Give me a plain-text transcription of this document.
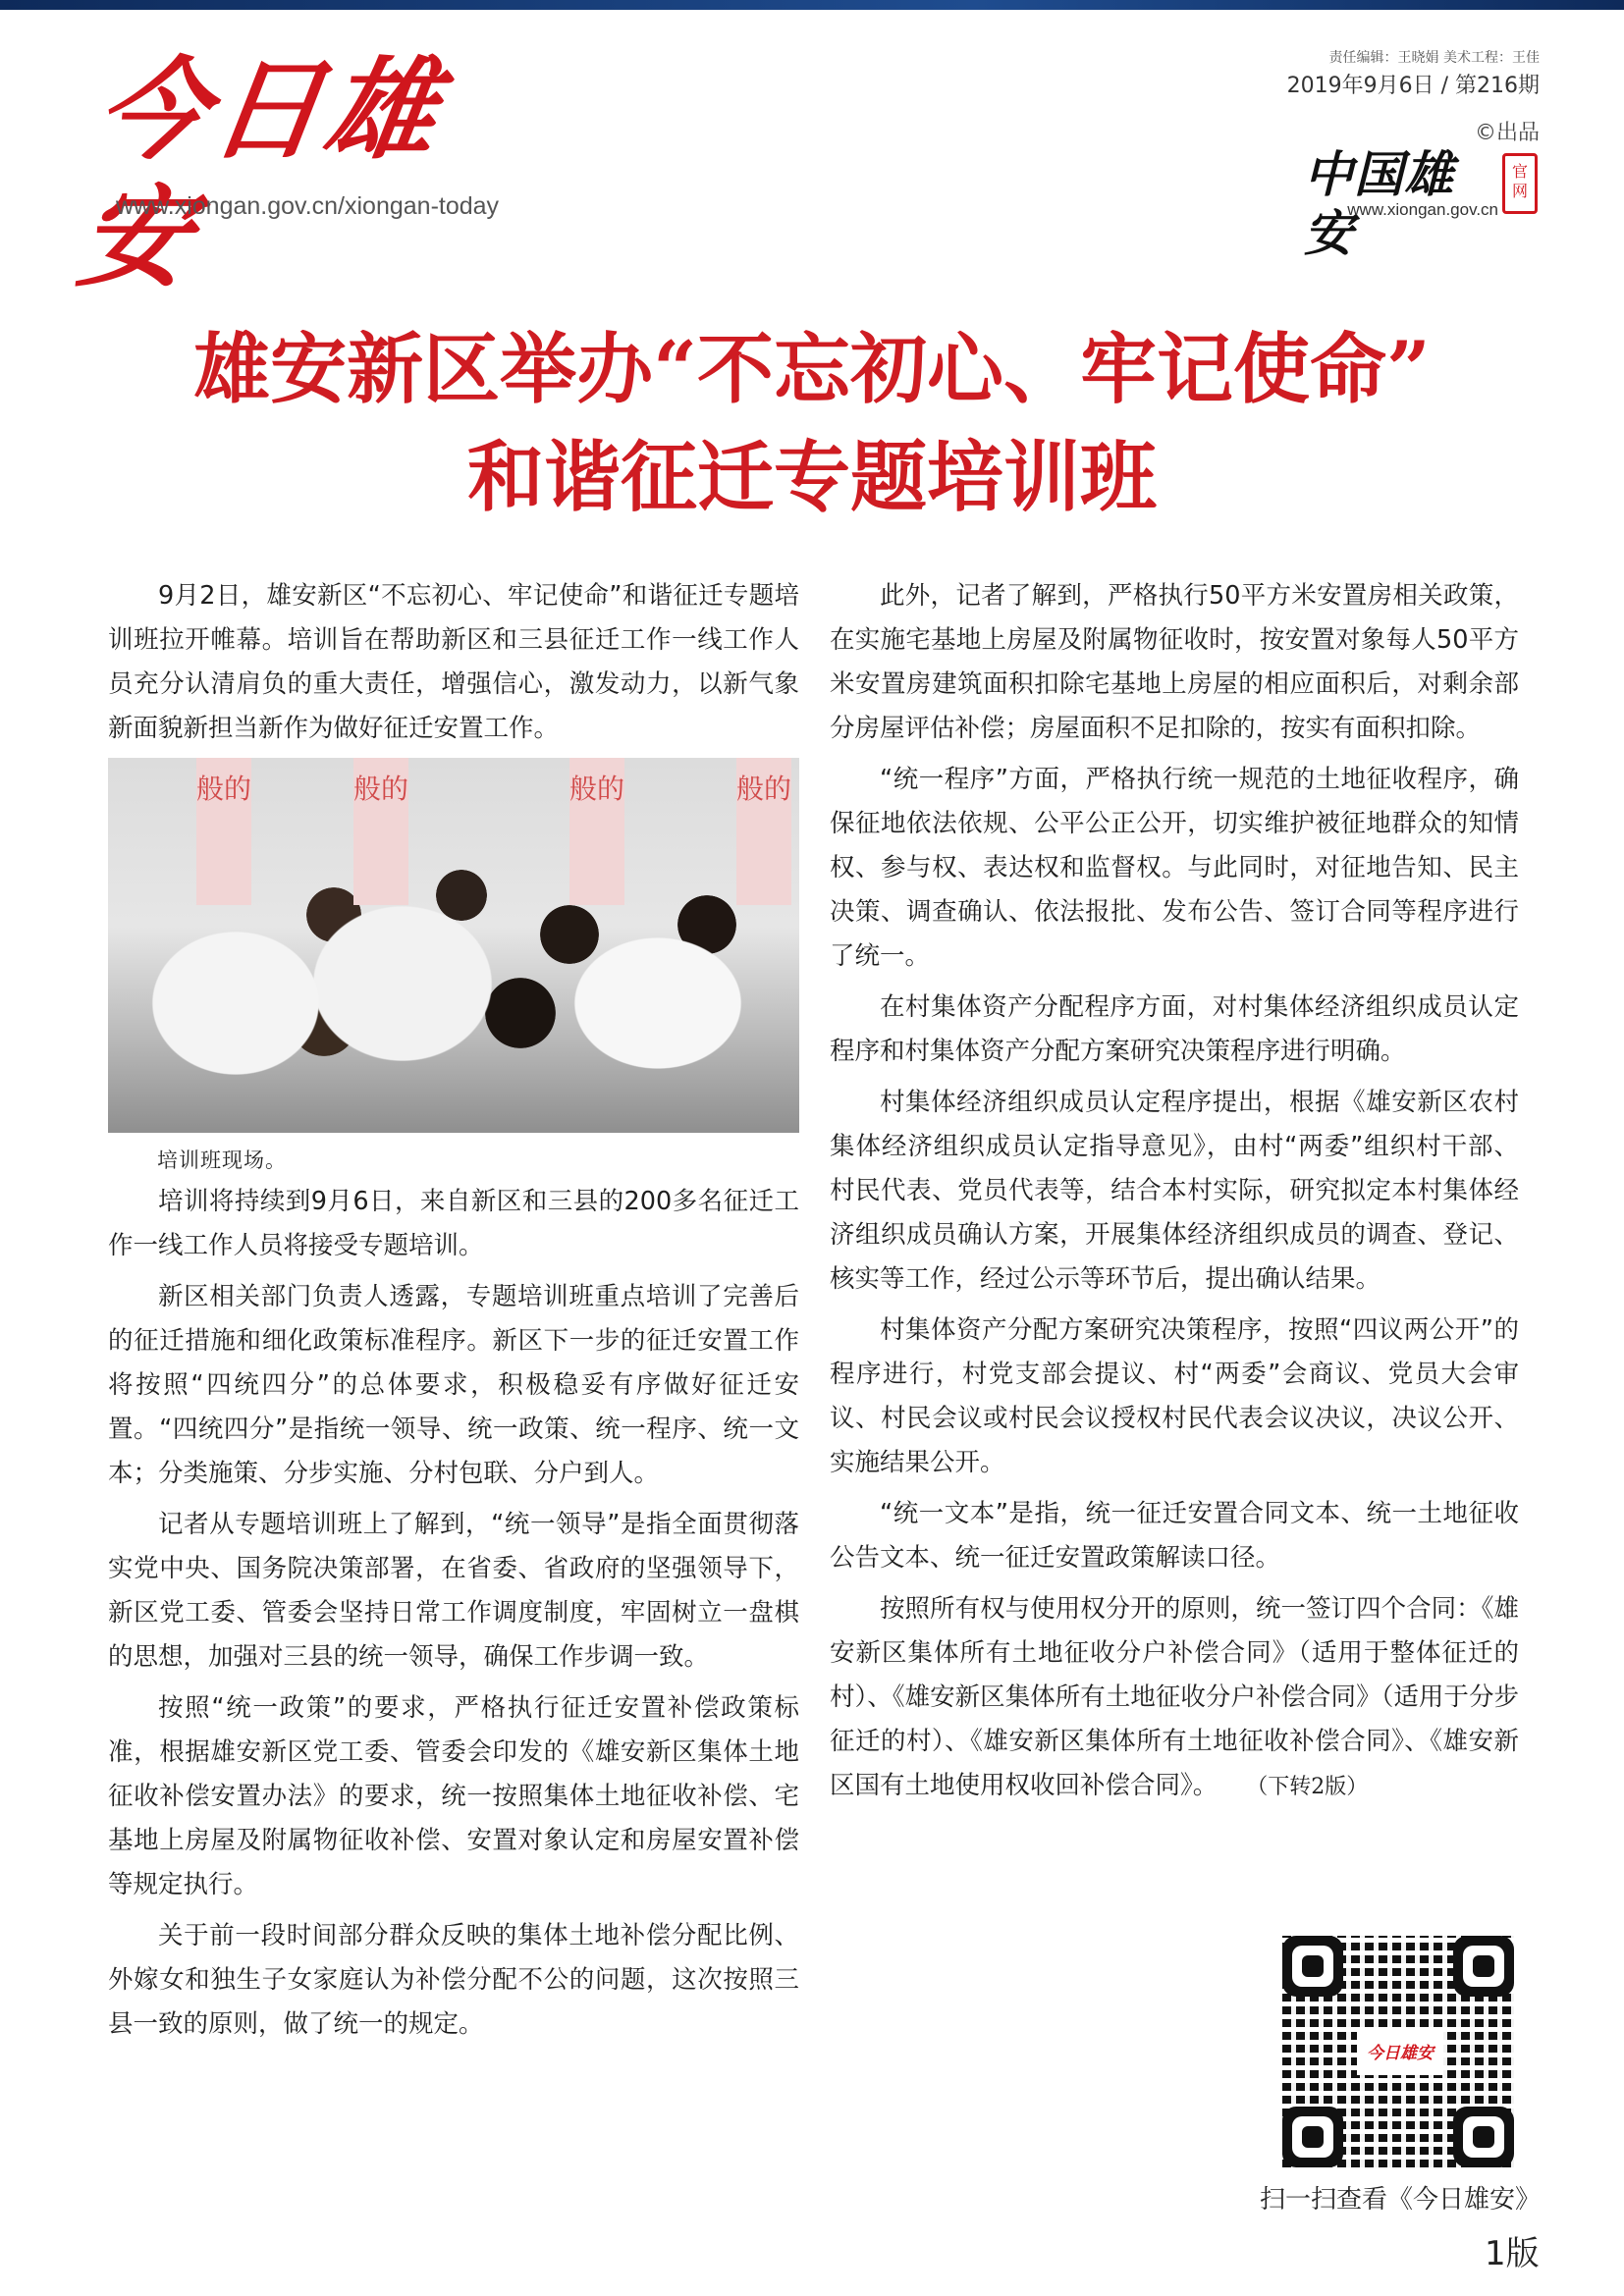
今日雄安
www.xiongan.gov.cn/xiongan-today
责任编辑：王晓娟 美术工程：王佳
2019年9月6日 / 第216期
©出品
中国雄安
官网
www.xiongan.gov.cn
雄安新区举办“不忘初心、牢记使命”
和谐征迁专题培训班

9月2日，雄安新区“不忘初心、牢记使命”和谐征迁专题培训班拉开帷幕。培训旨在帮助新区和三县征迁工作一线工作人员充分认清肩负的重大责任，增强信心，激发动力，以新气象新面貌新担当新作为做好征迁安置工作。

般的	般的	般的	般的
培训班现场。

培训将持续到9月6日，来自新区和三县的200多名征迁工作一线工作人员将接受专题培训。

新区相关部门负责人透露，专题培训班重点培训了完善后的征迁措施和细化政策标准程序。新区下一步的征迁安置工作将按照“四统四分”的总体要求，积极稳妥有序做好征迁安置。“四统四分”是指统一领导、统一政策、统一程序、统一文本；分类施策、分步实施、分村包联、分户到人。

记者从专题培训班上了解到，“统一领导”是指全面贯彻落实党中央、国务院决策部署，在省委、省政府的坚强领导下，新区党工委、管委会坚持日常工作调度制度，牢固树立一盘棋的思想，加强对三县的统一领导，确保工作步调一致。

按照“统一政策”的要求，严格执行征迁安置补偿政策标准，根据雄安新区党工委、管委会印发的《雄安新区集体土地征收补偿安置办法》的要求，统一按照集体土地征收补偿、宅基地上房屋及附属物征收补偿、安置对象认定和房屋安置补偿等规定执行。

关于前一段时间部分群众反映的集体土地补偿分配比例、外嫁女和独生子女家庭认为补偿分配不公的问题，这次按照三县一致的原则，做了统一的规定。

此外，记者了解到，严格执行50平方米安置房相关政策，在实施宅基地上房屋及附属物征收时，按安置对象每人50平方米安置房建筑面积扣除宅基地上房屋的相应面积后，对剩余部分房屋评估补偿；房屋面积不足扣除的，按实有面积扣除。

“统一程序”方面，严格执行统一规范的土地征收程序，确保征地依法依规、公平公正公开，切实维护被征地群众的知情权、参与权、表达权和监督权。与此同时，对征地告知、民主决策、调查确认、依法报批、发布公告、签订合同等程序进行了统一。

在村集体资产分配程序方面，对村集体经济组织成员认定程序和村集体资产分配方案研究决策程序进行明确。

村集体经济组织成员认定程序提出，根据《雄安新区农村集体经济组织成员认定指导意见》，由村“两委”组织村干部、村民代表、党员代表等，结合本村实际，研究拟定本村集体经济组织成员确认方案，开展集体经济组织成员的调查、登记、核实等工作，经过公示等环节后，提出确认结果。

村集体资产分配方案研究决策程序，按照“四议两公开”的程序进行，村党支部会提议、村“两委”会商议、党员大会审议、村民会议或村民会议授权村民代表会议决议，决议公开、实施结果公开。

“统一文本”是指，统一征迁安置合同文本、统一土地征收公告文本、统一征迁安置政策解读口径。

按照所有权与使用权分开的原则，统一签订四个合同：《雄安新区集体所有土地征收分户补偿合同》（适用于整体征迁的村）、《雄安新区集体所有土地征收分户补偿合同》（适用于分步征迁的村）、《雄安新区集体所有土地征收补偿合同》、《雄安新区国有土地使用权收回补偿合同》。 （下转2版）

今日雄安
扫一扫查看《今日雄安》
1版
